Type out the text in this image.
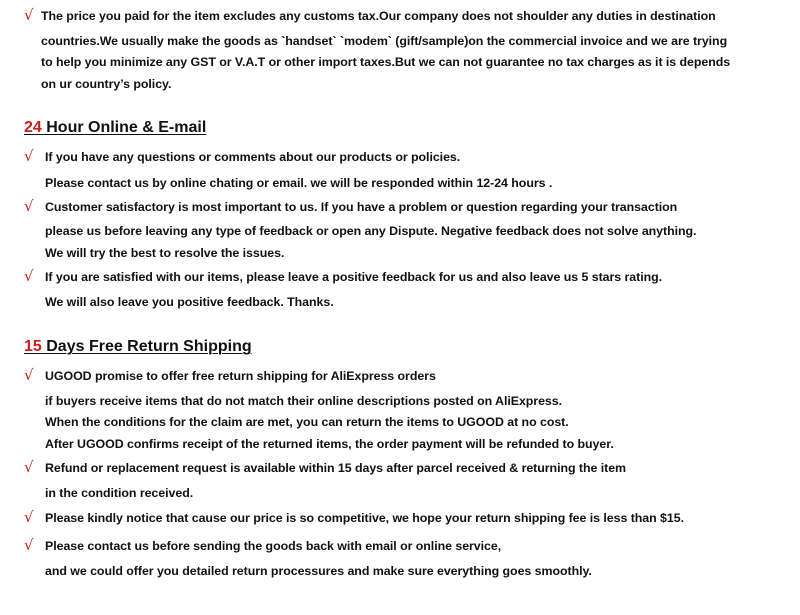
√ The price you paid for the item excludes any customs tax.Our company does not shoulder any duties in destination
countries.We usually make the goods as `handset` `modem` (gift/sample)on the commercial invoice and we are trying
to help you minimize any GST or V.A.T or other import taxes.But we can not guarantee no tax charges as it is depends
on ur country’s policy.
24 Hour Online & E-mail
√ If you have any questions or comments about our products or policies.
Please contact us by online chating or email. we will be responded within 12-24 hours .
√ Customer satisfactory is most important to us. If you have a problem or question regarding your transaction
please us before leaving any type of feedback or open any Dispute. Negative feedback does not solve anything.
We will try the best to resolve the issues.
√ If you are satisfied with our items, please leave a positive feedback for us and also leave us 5 stars rating.
We will also leave you positive feedback. Thanks.
15 Days Free Return Shipping
√ UGOOD promise to offer free return shipping for AliExpress orders
if buyers receive items that do not match their online descriptions posted on AliExpress.
When the conditions for the claim are met, you can return the items to UGOOD at no cost.
After UGOOD confirms receipt of the returned items, the order payment will be refunded to buyer.
√ Refund or replacement request is available within 15 days after parcel received & returning the item
in the condition received.
√ Please kindly notice that cause our price is so competitive, we hope your return shipping fee is less than $15.
√ Please contact us before sending the goods back with email or online service,
and we could offer you detailed return processures and make sure everything goes smoothly.
